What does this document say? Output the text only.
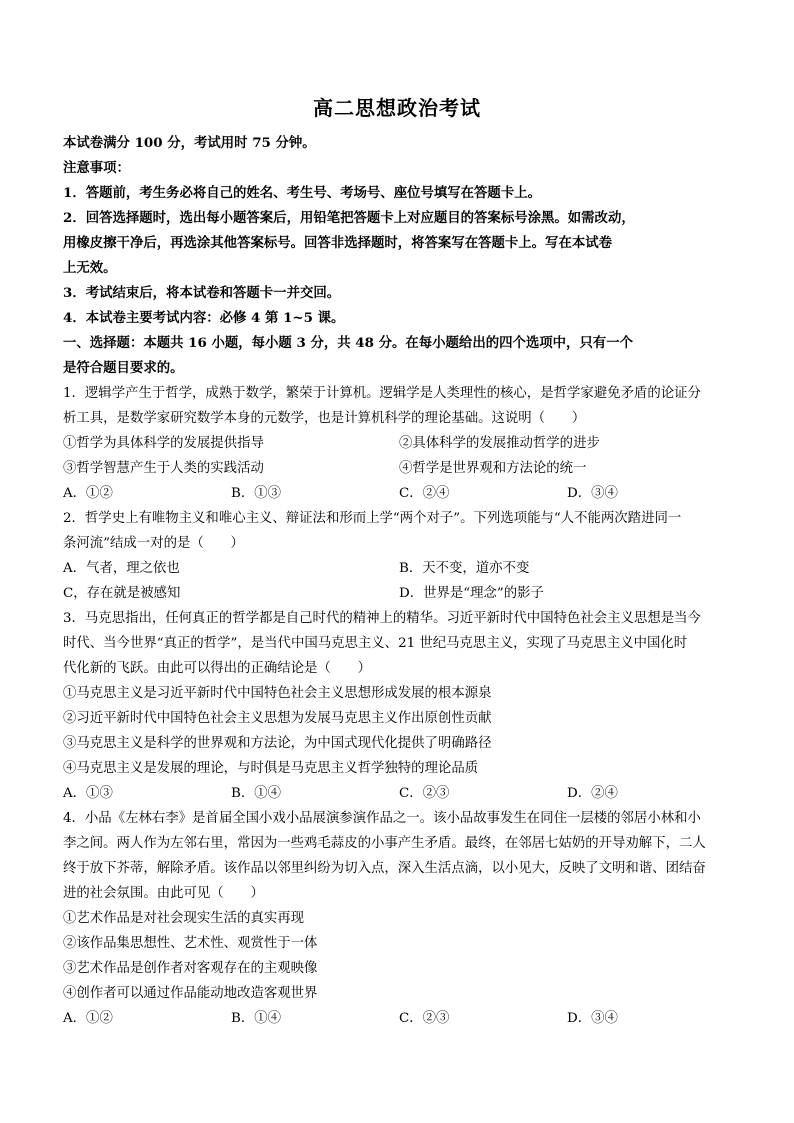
高二思想政治考试
本试卷满分 100 分，考试用时 75 分钟。
注意事项：
1．答题前，考生务必将自己的姓名、考生号、考场号、座位号填写在答题卡上。
2．回答选择题时，选出每小题答案后，用铅笔把答题卡上对应题目的答案标号涂黑。如需改动，
用橡皮擦干净后，再选涂其他答案标号。回答非选择题时，将答案写在答题卡上。写在本试卷
上无效。
3．考试结束后，将本试卷和答题卡一并交回。
4．本试卷主要考试内容：必修 4 第 1~5 课。
一、选择题：本题共 16 小题，每小题 3 分，共 48 分。在每小题给出的四个选项中，只有一个
是符合题目要求的。
1．逻辑学产生于哲学，成熟于数学，繁荣于计算机。逻辑学是人类理性的核心，是哲学家避免矛盾的论证分
析工具，是数学家研究数学本身的元数学，也是计算机科学的理论基础。这说明（　　）
①哲学为具体科学的发展提供指导	②具体科学的发展推动哲学的进步
③哲学智慧产生于人类的实践活动	④哲学是世界观和方法论的统一
A．①②	B．①③	C．②④	D．③④
2．哲学史上有唯物主义和唯心主义、辩证法和形而上学“两个对子”。下列选项能与“人不能两次踏进同一
条河流”结成一对的是（　　）
A．气者，理之依也	B．天不变，道亦不变
C，存在就是被感知	D．世界是“理念”的影子
3．马克思指出，任何真正的哲学都是自己时代的精神上的精华。习近平新时代中国特色社会主义思想是当今
时代、当今世界“真正的哲学”，是当代中国马克思主义、21 世纪马克思主义，实现了马克思主义中国化时
代化新的飞跃。由此可以得出的正确结论是（　　）
①马克思主义是习近平新时代中国特色社会主义思想形成发展的根本源泉
②习近平新时代中国特色社会主义思想为发展马克思主义作出原创性贡献
③马克思主义是科学的世界观和方法论，为中国式现代化提供了明确路径
④马克思主义是发展的理论，与时俱是马克思主义哲学独特的理论品质
A．①③	B．①④	C．②③	D．②④
4．小品《左林右李》是首届全国小戏小品展演参演作品之一。该小品故事发生在同住一层楼的邻居小林和小
李之间。两人作为左邻右里，常因为一些鸡毛蒜皮的小事产生矛盾。最终，在邻居七姑奶的开导劝解下，二人
终于放下芥蒂，解除矛盾。该作品以邻里纠纷为切入点，深入生活点滴，以小见大，反映了文明和谐、团结奋
进的社会氛围。由此可见（　　）
①艺术作品是对社会现实生活的真实再现
②该作品集思想性、艺术性、观赏性于一体
③艺术作品是创作者对客观存在的主观映像
④创作者可以通过作品能动地改造客观世界
A．①②	B．①④	C．②③	D．③④
